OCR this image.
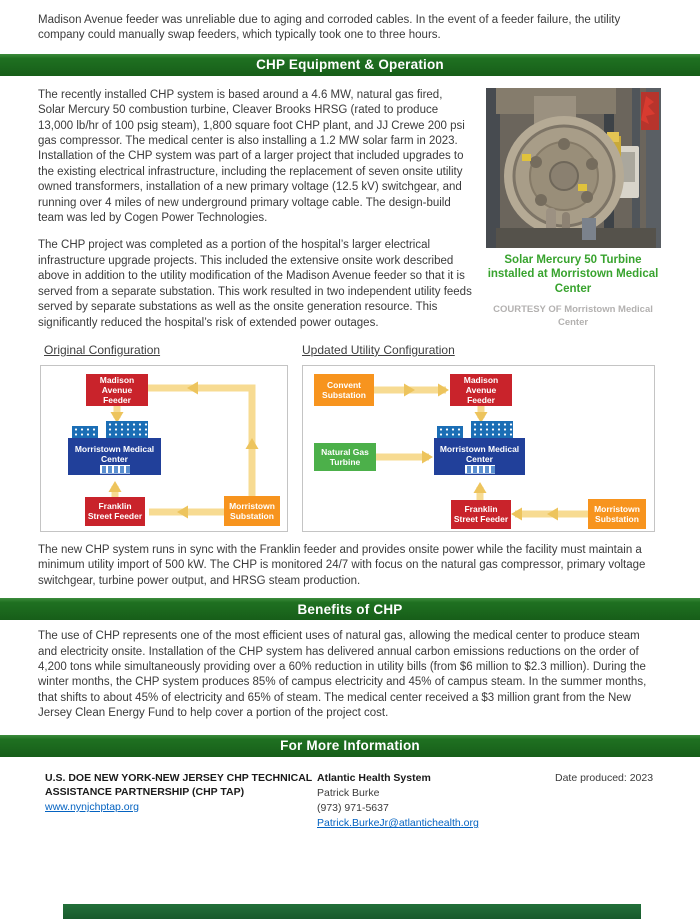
Madison Avenue feeder was unreliable due to aging and corroded cables. In the event of a feeder failure, the utility company could manually swap feeders, which typically took one to three hours.
CHP Equipment & Operation
Solar Mercury 50 Turbine installed at Morristown Medical Center
COURTESY OF Morristown Medical Center

The recently installed CHP system is based around a 4.6 MW, natural gas fired, Solar Mercury 50 combustion turbine, Cleaver Brooks HRSG (rated to produce 13,000 lb/hr of 100 psig steam), 1,800 square foot CHP plant, and JJ Crewe 200 psi gas compressor. The medical center is also installing a 1.2 MW solar farm in 2023. Installation of the CHP system was part of a larger project that included upgrades to the existing electrical infrastructure, including the replacement of seven onsite utility owned transformers, installation of a new primary voltage (12.5 kV) switchgear, and running over 4 miles of new underground primary voltage cable. The design-build team was led by Cogen Power Technologies.

The CHP project was completed as a portion of the hospital’s larger electrical infrastructure upgrade projects. This included the extensive onsite work described above in addition to the utility modification of the Madison Avenue feeder so that it is served from a separate substation. This work resulted in two independent utility feeds served by separate substations as well as the onsite generation resource. This significantly reduced the hospital’s risk of extended power outages.

Original Configuration	Updated Utility Configuration
Madison Avenue Feeder
Morristown Medical Center
Franklin Street Feeder
Morristown Substation
Convent Substation
Madison Avenue Feeder
Natural Gas Turbine
Morristown Medical Center
Franklin Street Feeder
Morristown Substation
The new CHP system runs in sync with the Franklin feeder and provides onsite power while the facility must maintain a minimum utility import of 500 kW. The CHP is monitored 24/7 with focus on the natural gas compressor, primary voltage switchgear, turbine power output, and HRSG steam production.
Benefits of CHP
The use of CHP represents one of the most efficient uses of natural gas, allowing the medical center to produce steam and electricity onsite. Installation of the CHP system has delivered annual carbon emissions reductions on the order of 4,200 tons while simultaneously providing over a 60% reduction in utility bills (from $6 million to $2.3 million). During the winter months, the CHP system produces 85% of campus electricity and 45% of campus steam. In the summer months, that shifts to about 45% of electricity and 65% of steam. The medical center received a $3 million grant from the New Jersey Clean Energy Fund to help cover a portion of the project cost.
For More Information
U.S. DOE NEW YORK-NEW JERSEY CHP TECHNICAL ASSISTANCE PARTNERSHIP (CHP TAP)
www.nynjchptap.org
Atlantic Health System
Patrick Burke
(973) 971-5637
Patrick.BurkeJr@atlantichealth.org
Date produced: 2023
